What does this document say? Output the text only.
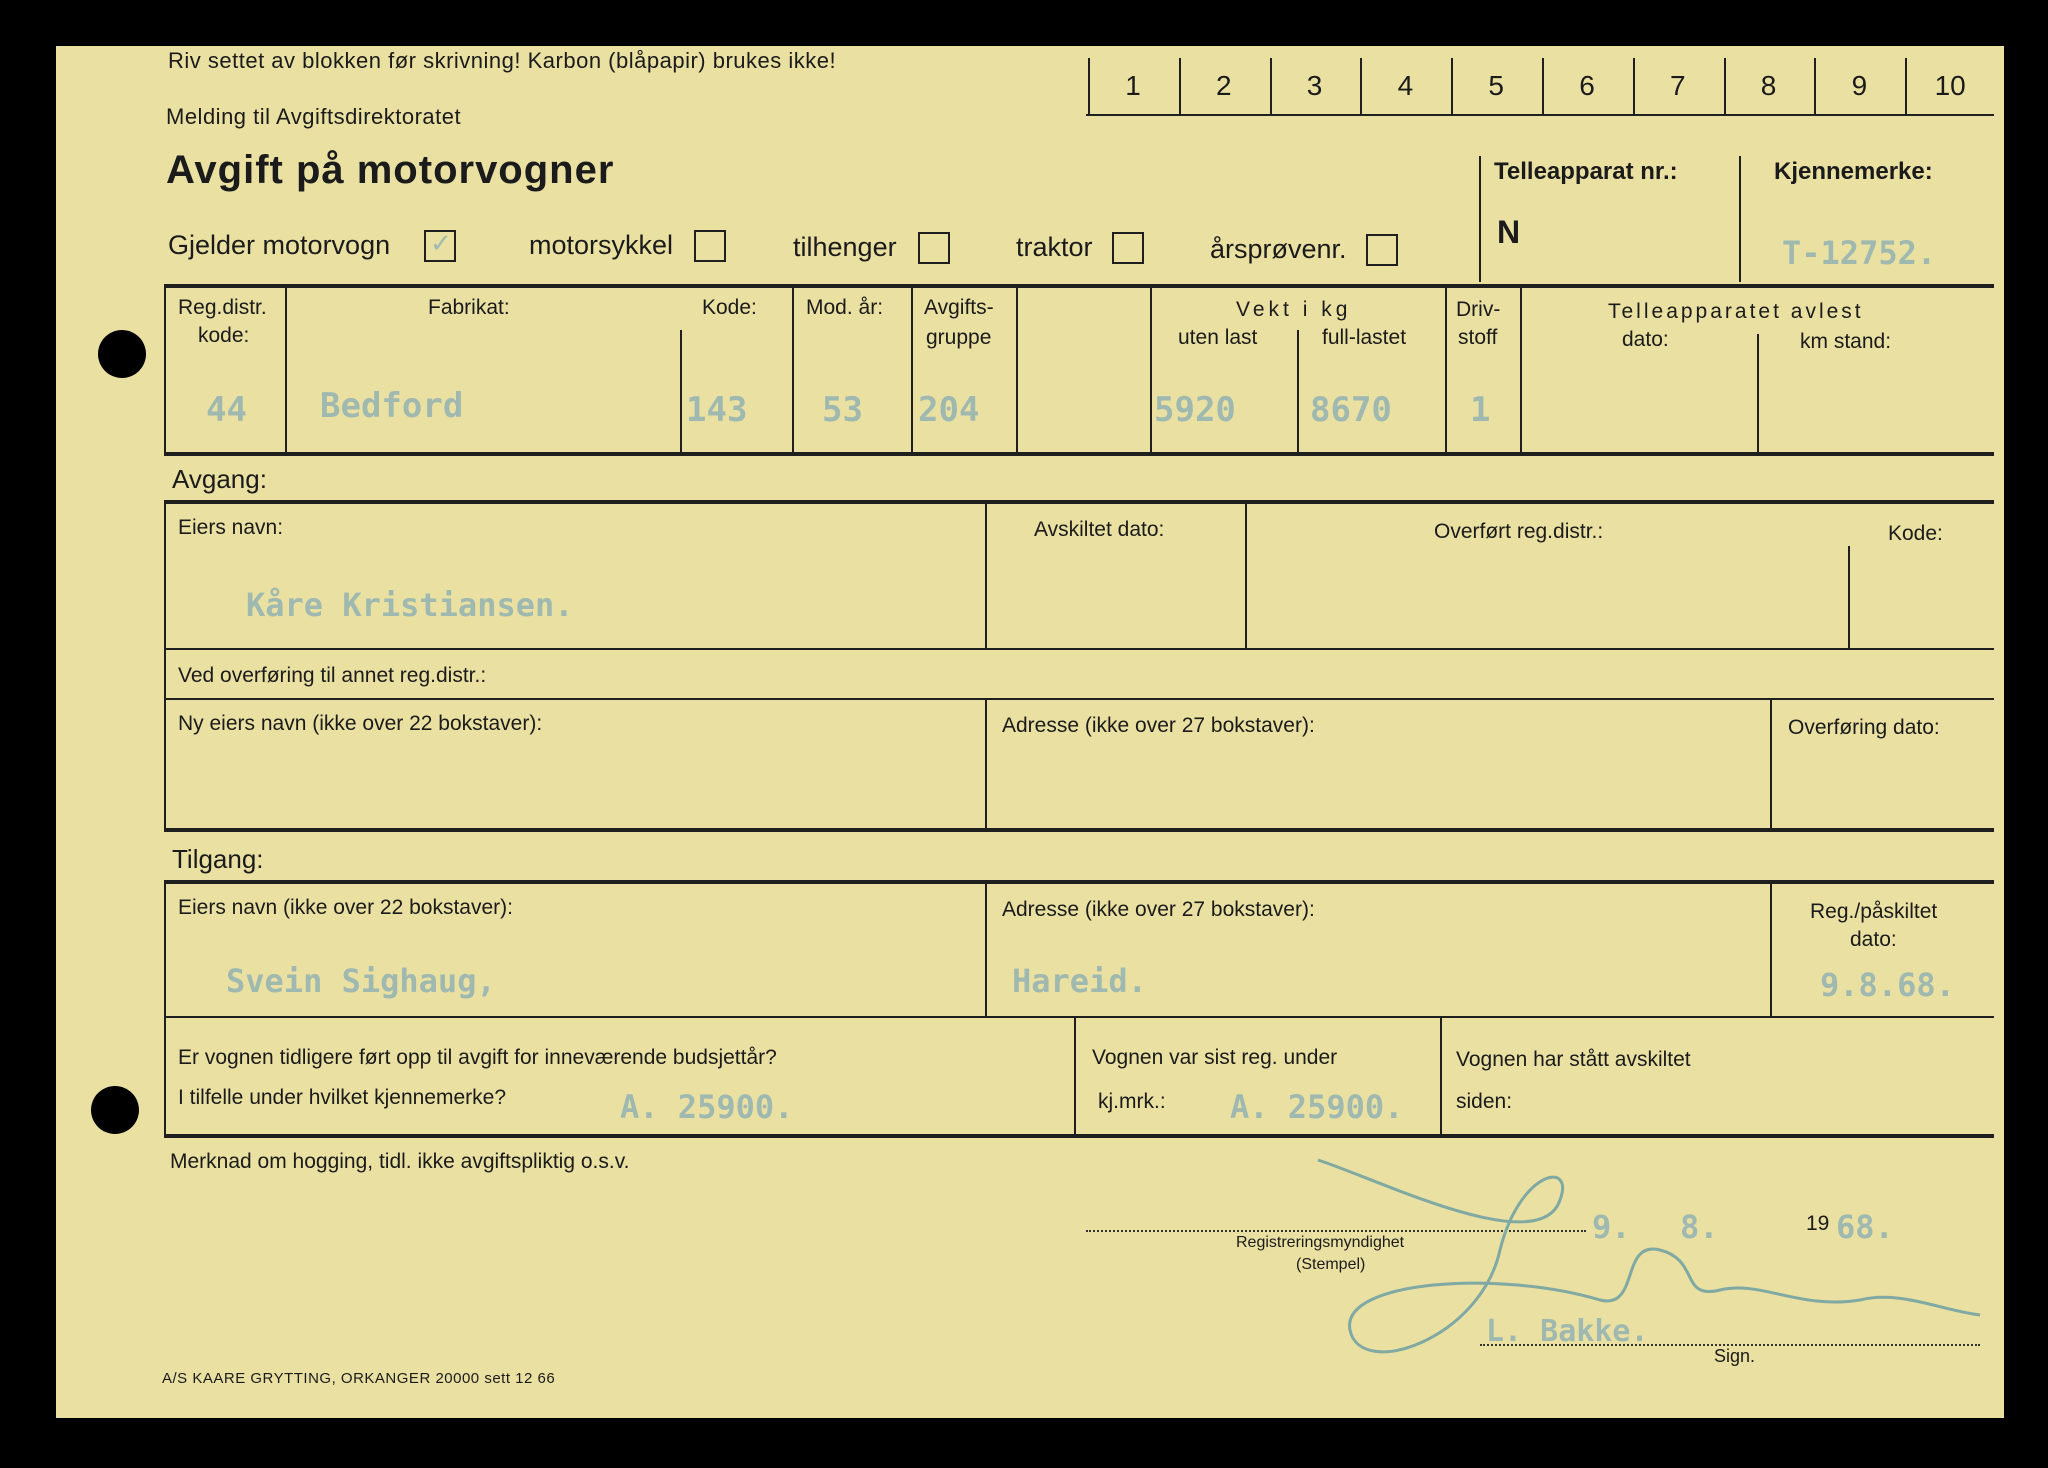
Riv settet av blokken før skrivning! Karbon (blåpapir) brukes ikke!
Melding til Avgiftsdirektoratet
Avgift på motorvogner
1	2	3	4	5	6	7	8	9	10
Gjelder motorvogn ✓	motorsykkel	tilhenger	traktor	årsprøvenr.
Telleapparat nr.:
N
Kjennemerke:
T-12752.
Reg.distr.
kode:
44
Fabrikat:
Bedford
Kode:
143
Mod. år:
53
Avgifts-
gruppe
204
Vekt i kg
uten last
5920
full-lastet
8670
Driv-
stoff
1
Telleapparatet avlest
dato:	km stand:
Avgang:
Eiers navn:
Kåre Kristiansen.
Avskiltet dato:	Overført reg.distr.:	Kode:
Ved overføring til annet reg.distr.:
Ny eiers navn (ikke over 22 bokstaver):	Adresse (ikke over 27 bokstaver):	Overføring dato:
Tilgang:
Eiers navn (ikke over 22 bokstaver):
Svein Sighaug,
Adresse (ikke over 27 bokstaver):
Hareid.
Reg./påskiltet
dato:
9.8.68.
Er vognen tidligere ført opp til avgift for inneværende budsjettår?
I tilfelle under hvilket kjennemerke?	A. 25900.
Vognen var sist reg. under
kj.mrk.: A. 25900.
Vognen har stått avskiltet
siden:
Merknad om hogging, tidl. ikke avgiftspliktig o.s.v.
9. 8.	19 68.
Registreringsmyndighet
(Stempel)
L. Bakke.
Sign.
A/S KAARE GRYTTING, ORKANGER 20000 sett 12 66
